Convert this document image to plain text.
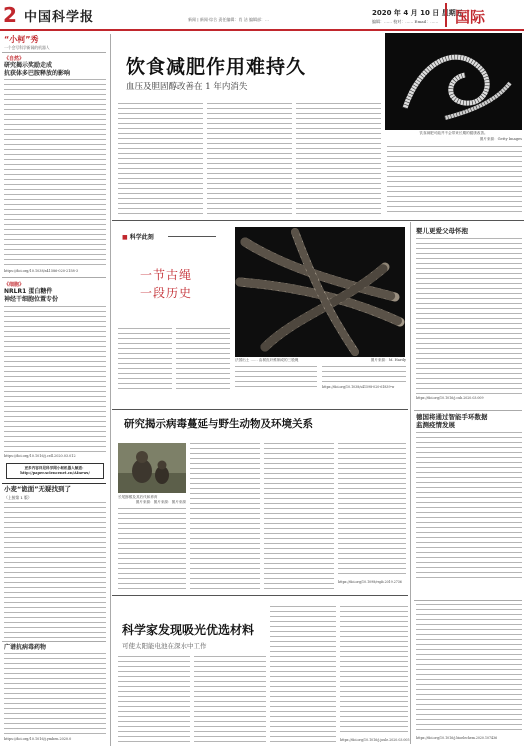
2 中国科学报	新闻 | 新闻·综合 责任编辑：肖 洁 编辑部：…
2020 年 4 月 10 日 星期五
编辑：…… 校对：…… Email：……	国际
“小柯”秀
一个会写科学新闻的机器人
《自然》
研究揭示奖励走成
抗获体多巴胺释放的影响
https://doi.org/10.1038/s41586-020-2158-3
《细胞》
NRLR1 蛋白糖件
神经干细胞位置专份
https://doi.org/10.1016/j.cell.2020.03.012
更多内容详见科学网小柯机器人频道：
http://paper.sciencenet.cn/AInews/
小麦“诡面”无疑找到了
（上接第 1 版）
广谱抗病毒药物
https://doi.org/10.1016/j.ymben.2020.0
饮食减肥作用难持久
血压及胆固醇改善在 1 年内消失
饮食减肥可能并不会带来长期的健康改善。
图片来源：Getty Images
■ 科学此刻
一节古绳
一段历史
法国出土 …… 由树皮纤维制成的三股绳	图片来源：M. Hardy
https://doi.org/10.1038/s41598-020-61839-w
婴儿更爱父母怀抱
https://doi.org/10.1016/j.cub.2020.03.009
德国将通过智能手环数据
监测疫情发展
https://doi.org/10.1016/j.bioelechem.2020.107436
研究揭示病毒蔓延与野生动物及环境关系
长尾猕猴及其后代和养育
图片来源：图片来源：图片来源
https://doi.org/10.1098/rspb.2019.2736
科学家发现吸光优选材料
可使太阳能电池在深水中工作
https://doi.org/10.1016/j.joule.2020.03.005
